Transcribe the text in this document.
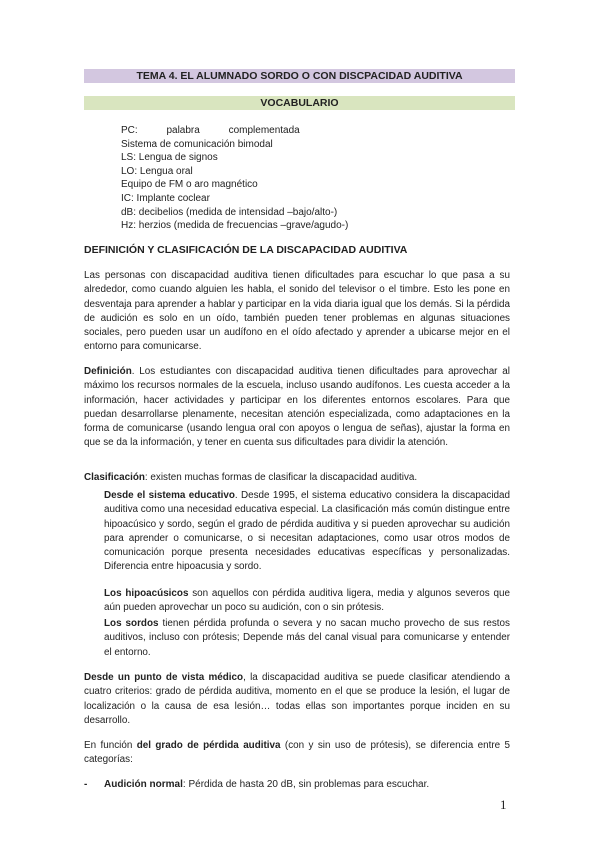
TEMA 4. EL ALUMNADO SORDO O CON DISCPACIDAD AUDITIVA
VOCABULARIO
PC: palabra complementada
Sistema de comunicación bimodal
LS: Lengua de signos
LO: Lengua oral
Equipo de FM o aro magnético
IC: Implante coclear
dB: decibelios (medida de intensidad –bajo/alto-)
Hz: herzios (medida de frecuencias –grave/agudo-)
DEFINICIÓN Y CLASIFICACIÓN DE LA DISCAPACIDAD AUDITIVA
Las personas con discapacidad auditiva tienen dificultades para escuchar lo que pasa a su alrededor, como cuando alguien les habla, el sonido del televisor o el timbre. Esto les pone en desventaja para aprender a hablar y participar en la vida diaria igual que los demás. Si la pérdida de audición es solo en un oído, también pueden tener problemas en algunas situaciones sociales, pero pueden usar un audífono en el oído afectado y aprender a ubicarse mejor en el entorno para comunicarse.
Definición. Los estudiantes con discapacidad auditiva tienen dificultades para aprovechar al máximo los recursos normales de la escuela, incluso usando audífonos. Les cuesta acceder a la información, hacer actividades y participar en los diferentes entornos escolares. Para que puedan desarrollarse plenamente, necesitan atención especializada, como adaptaciones en la forma de comunicarse (usando lengua oral con apoyos o lengua de señas), ajustar la forma en que se da la información, y tener en cuenta sus dificultades para dividir la atención.
Clasificación: existen muchas formas de clasificar la discapacidad auditiva.
Desde el sistema educativo. Desde 1995, el sistema educativo considera la discapacidad auditiva como una necesidad educativa especial. La clasificación más común distingue entre hipoacúsico y sordo, según el grado de pérdida auditiva y si pueden aprovechar su audición para aprender o comunicarse, o si necesitan adaptaciones, como usar otros modos de comunicación porque presenta necesidades educativas específicas y personalizadas. Diferencia entre hipoacusia y sordo.
Los hipoacúsicos son aquellos con pérdida auditiva ligera, media y algunos severos que aún pueden aprovechar un poco su audición, con o sin prótesis.
Los sordos tienen pérdida profunda o severa y no sacan mucho provecho de sus restos auditivos, incluso con prótesis; Depende más del canal visual para comunicarse y entender el entorno.
Desde un punto de vista médico, la discapacidad auditiva se puede clasificar atendiendo a cuatro criterios: grado de pérdida auditiva, momento en el que se produce la lesión, el lugar de localización o la causa de esa lesión… todas ellas son importantes porque inciden en su desarrollo.
En función del grado de pérdida auditiva (con y sin uso de prótesis), se diferencia entre 5 categorías:
- Audición normal: Pérdida de hasta 20 dB, sin problemas para escuchar.
1
